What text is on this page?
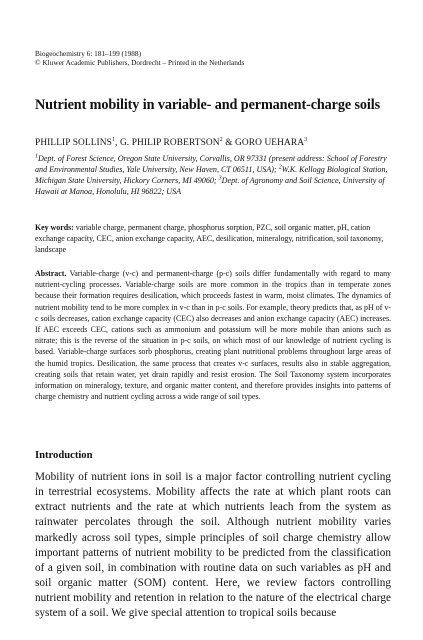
Biogeochemistry 6: 181–199 (1988)
© Kluwer Academic Publishers, Dordrecht – Printed in the Netherlands
Nutrient mobility in variable- and permanent-charge soils
PHILLIP SOLLINS$^1$, G. PHILIP ROBERTSON$^2$ & GORO UEHARA$^3$

$^1$Dept. of Forest Science, Oregon State University, Corvallis, OR 97331 (present address: School of Forestry and Environmental Studies, Yale University, New Haven, CT 06511, USA); $^2$W.K. Kellogg Biological Station, Michigan State University, Hickory Corners, MI 49060; $^3$Dept. of Agronomy and Soil Science, University of Hawaii at Manoa, Honolulu, HI 96822; USA

Key words: variable charge, permanent charge, phosphorus sorption, PZC, soil organic matter, pH, cation exchange capacity, CEC, anion exchange capacity, AEC, desilication, mineralogy, nitrification, soil taxonomy, landscape

Abstract. Variable-charge (v-c) and permanent-charge (p-c) soils differ fundamentally with regard to many nutrient-cycling processes. Variable-charge soils are more common in the tropics than in temperate zones because their formation requires desilication, which proceeds fastest in warm, moist climates. The dynamics of nutrient mobility tend to be more complex in v-c than in p-c soils. For example, theory predicts that, as pH of v-c soils decreases, cation exchange capacity (CEC) also decreases and anion exchange capacity (AEC) increases. If AEC exceeds CEC, cations such as ammonium and potassium will be more mobile than anions such as nitrate; this is the reverse of the situation in p-c soils, on which most of our knowledge of nutrient cycling is based. Variable-charge surfaces sorb phosphorus, creating plant nutritional problems throughout large areas of the humid tropics. Desilication, the same process that creates v-c surfaces, results also in stable aggregation, creating soils that retain water, yet drain rapidly and resist erosion. The Soil Taxonomy system incorporates information on mineralogy, texture, and organic matter content, and therefore provides insights into patterns of charge chemistry and nutrient cycling across a wide range of soil types.

Introduction

Mobility of nutrient ions in soil is a major factor controlling nutrient cycling in terrestrial ecosystems. Mobility affects the rate at which plant roots can extract nutrients and the rate at which nutrients leach from the system as rainwater percolates through the soil. Although nutrient mobility varies markedly across soil types, simple principles of soil charge chemistry allow important patterns of nutrient mobility to be predicted from the classification of a given soil, in combination with routine data on such variables as pH and soil organic matter (SOM) content. Here, we review factors controlling nutrient mobility and retention in relation to the nature of the electrical charge system of a soil. We give special attention to tropical soils because
